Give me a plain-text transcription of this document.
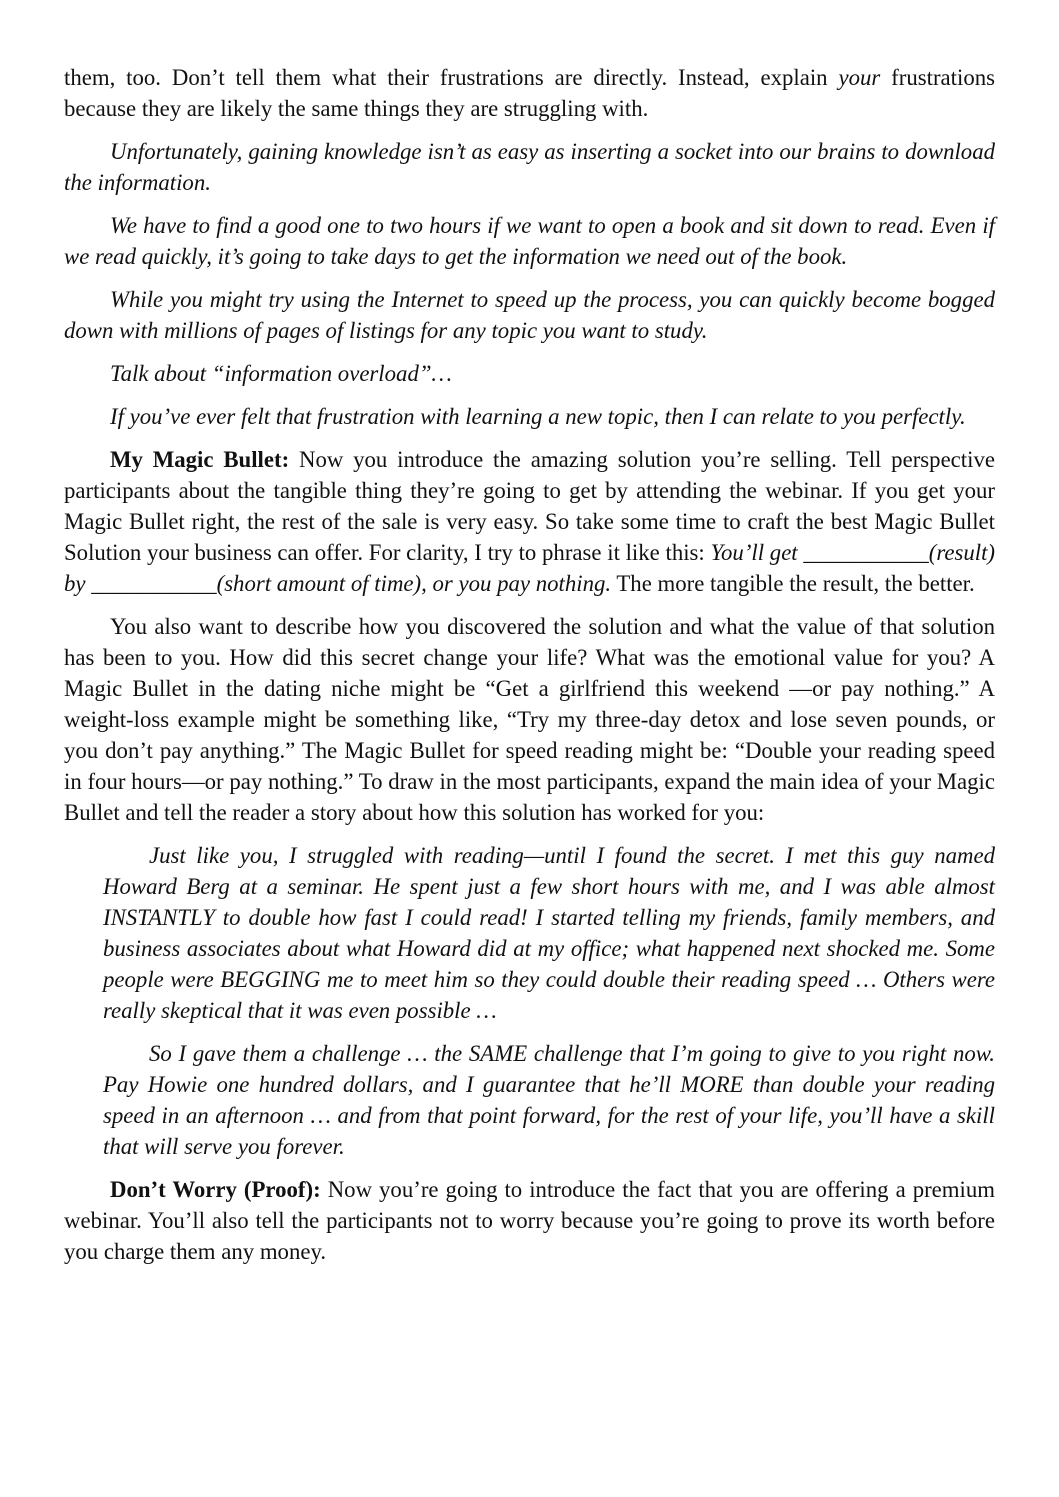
them, too. Don’t tell them what their frustrations are directly. Instead, explain your frustrations because they are likely the same things they are struggling with.

Unfortunately, gaining knowledge isn’t as easy as inserting a socket into our brains to download the information.

We have to find a good one to two hours if we want to open a book and sit down to read. Even if we read quickly, it’s going to take days to get the information we need out of the book.

While you might try using the Internet to speed up the process, you can quickly become bogged down with millions of pages of listings for any topic you want to study.

Talk about “information overload”…

If you’ve ever felt that frustration with learning a new topic, then I can relate to you perfectly.

My Magic Bullet: Now you introduce the amazing solution you’re selling. Tell perspective participants about the tangible thing they’re going to get by attending the webinar. If you get your Magic Bullet right, the rest of the sale is very easy. So take some time to craft the best Magic Bullet Solution your business can offer. For clarity, I try to phrase it like this: You’ll get ___________(result) by ___________(short amount of time), or you pay nothing. The more tangible the result, the better.

You also want to describe how you discovered the solution and what the value of that solution has been to you. How did this secret change your life? What was the emotional value for you? A Magic Bullet in the dating niche might be “Get a girlfriend this weekend —or pay nothing.” A weight-loss example might be something like, “Try my three-day detox and lose seven pounds, or you don’t pay anything.” The Magic Bullet for speed reading might be: “Double your reading speed in four hours—or pay nothing.” To draw in the most participants, expand the main idea of your Magic Bullet and tell the reader a story about how this solution has worked for you:

Just like you, I struggled with reading—until I found the secret. I met this guy named Howard Berg at a seminar. He spent just a few short hours with me, and I was able almost INSTANTLY to double how fast I could read! I started telling my friends, family members, and business associates about what Howard did at my office; what happened next shocked me. Some people were BEGGING me to meet him so they could double their reading speed … Others were really skeptical that it was even possible …

So I gave them a challenge … the SAME challenge that I’m going to give to you right now. Pay Howie one hundred dollars, and I guarantee that he’ll MORE than double your reading speed in an afternoon … and from that point forward, for the rest of your life, you’ll have a skill that will serve you forever.

Don’t Worry (Proof): Now you’re going to introduce the fact that you are offering a premium webinar. You’ll also tell the participants not to worry because you’re going to prove its worth before you charge them any money.
